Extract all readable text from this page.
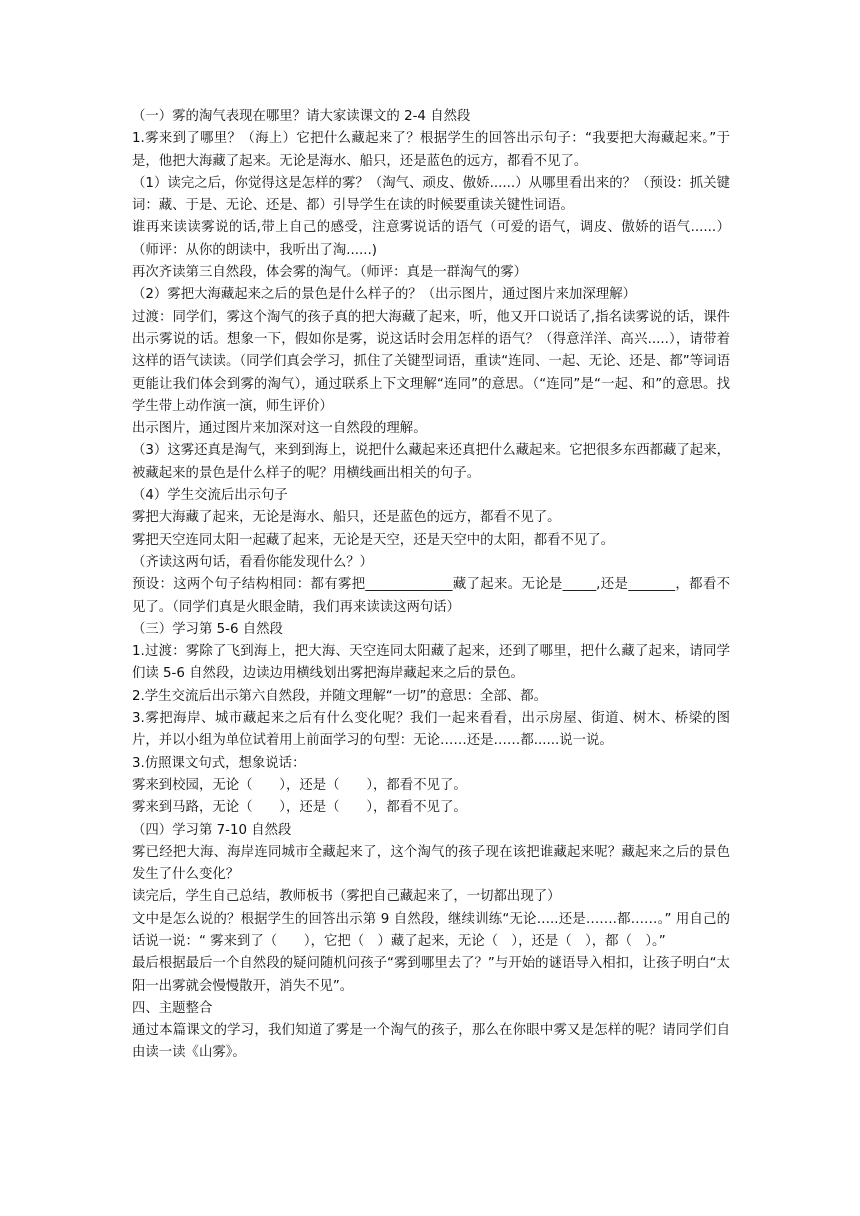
（一）雾的淘气表现在哪里？请大家读课文的 2-4 自然段

1.雾来到了哪里？（海上）它把什么藏起来了？根据学生的回答出示句子：“我要把大海藏起来。”于是，他把大海藏了起来。无论是海水、船只，还是蓝色的远方，都看不见了。

（1）读完之后，你觉得这是怎样的雾？（淘气、顽皮、傲娇......）从哪里看出来的？（预设：抓关键词：藏、于是、无论、还是、都）引导学生在读的时候要重读关键性词语。

谁再来读读雾说的话,带上自己的感受，注意雾说话的语气（可爱的语气，调皮、傲娇的语气......）（师评：从你的朗读中，我听出了淘......)

再次齐读第三自然段，体会雾的淘气。（师评：真是一群淘气的雾）

（2）雾把大海藏起来之后的景色是什么样子的？（出示图片，通过图片来加深理解）

过渡：同学们，雾这个淘气的孩子真的把大海藏了起来，听，他又开口说话了,指名读雾说的话，课件出示雾说的话。想象一下，假如你是雾，说这话时会用怎样的语气？（得意洋洋、高兴.....），请带着这样的语气读读。（同学们真会学习，抓住了关键型词语，重读“连同、一起、无论、还是、都”等词语更能让我们体会到雾的淘气），通过联系上下文理解“连同”的意思。（“连同”是“一起、和”的意思。找学生带上动作演一演，师生评价）

出示图片，通过图片来加深对这一自然段的理解。

（3）这雾还真是淘气，来到到海上，说把什么藏起来还真把什么藏起来。它把很多东西都藏了起来，被藏起来的景色是什么样子的呢？用横线画出相关的句子。

（4）学生交流后出示句子

雾把大海藏了起来，无论是海水、船只，还是蓝色的远方，都看不见了。

雾把天空连同太阳一起藏了起来，无论是天空，还是天空中的太阳，都看不见了。

（齐读这两句话，看看你能发现什么？）

预设：这两个句子结构相同：都有雾把_____________藏了起来。无论是_____,还是_______，都看不见了。（同学们真是火眼金睛，我们再来读读这两句话）

（三）学习第 5-6 自然段

1.过渡：雾除了飞到海上，把大海、天空连同太阳藏了起来，还到了哪里，把什么藏了起来，请同学们读 5-6 自然段，边读边用横线划出雾把海岸藏起来之后的景色。

2.学生交流后出示第六自然段，并随文理解“一切”的意思：全部、都。

3.雾把海岸、城市藏起来之后有什么变化呢？我们一起来看看，出示房屋、街道、树木、桥梁的图片，并以小组为单位试着用上前面学习的句型：无论……还是……都......说一说。

3.仿照课文句式，想象说话：

雾来到校园，无论（　　），还是（　　），都看不见了。

雾来到马路，无论（　　），还是（　　），都看不见了。

（四）学习第 7-10 自然段

雾已经把大海、海岸连同城市全藏起来了，这个淘气的孩子现在该把谁藏起来呢？藏起来之后的景色发生了什么变化？

读完后，学生自己总结，教师板书（雾把自己藏起来了，一切都出现了）

文中是怎么说的？根据学生的回答出示第 9 自然段，继续训练“无论…..还是…….都……。” 用自己的话说一说：“ 雾来到了（　　），它把（　）藏了起来，无论（　），还是（　），都（　）。”

最后根据最后一个自然段的疑问随机问孩子“雾到哪里去了？”与开始的谜语导入相扣，让孩子明白“太阳一出雾就会慢慢散开，消失不见”。

四、主题整合

通过本篇课文的学习，我们知道了雾是一个淘气的孩子，那么在你眼中雾又是怎样的呢？请同学们自由读一读《山雾》。
